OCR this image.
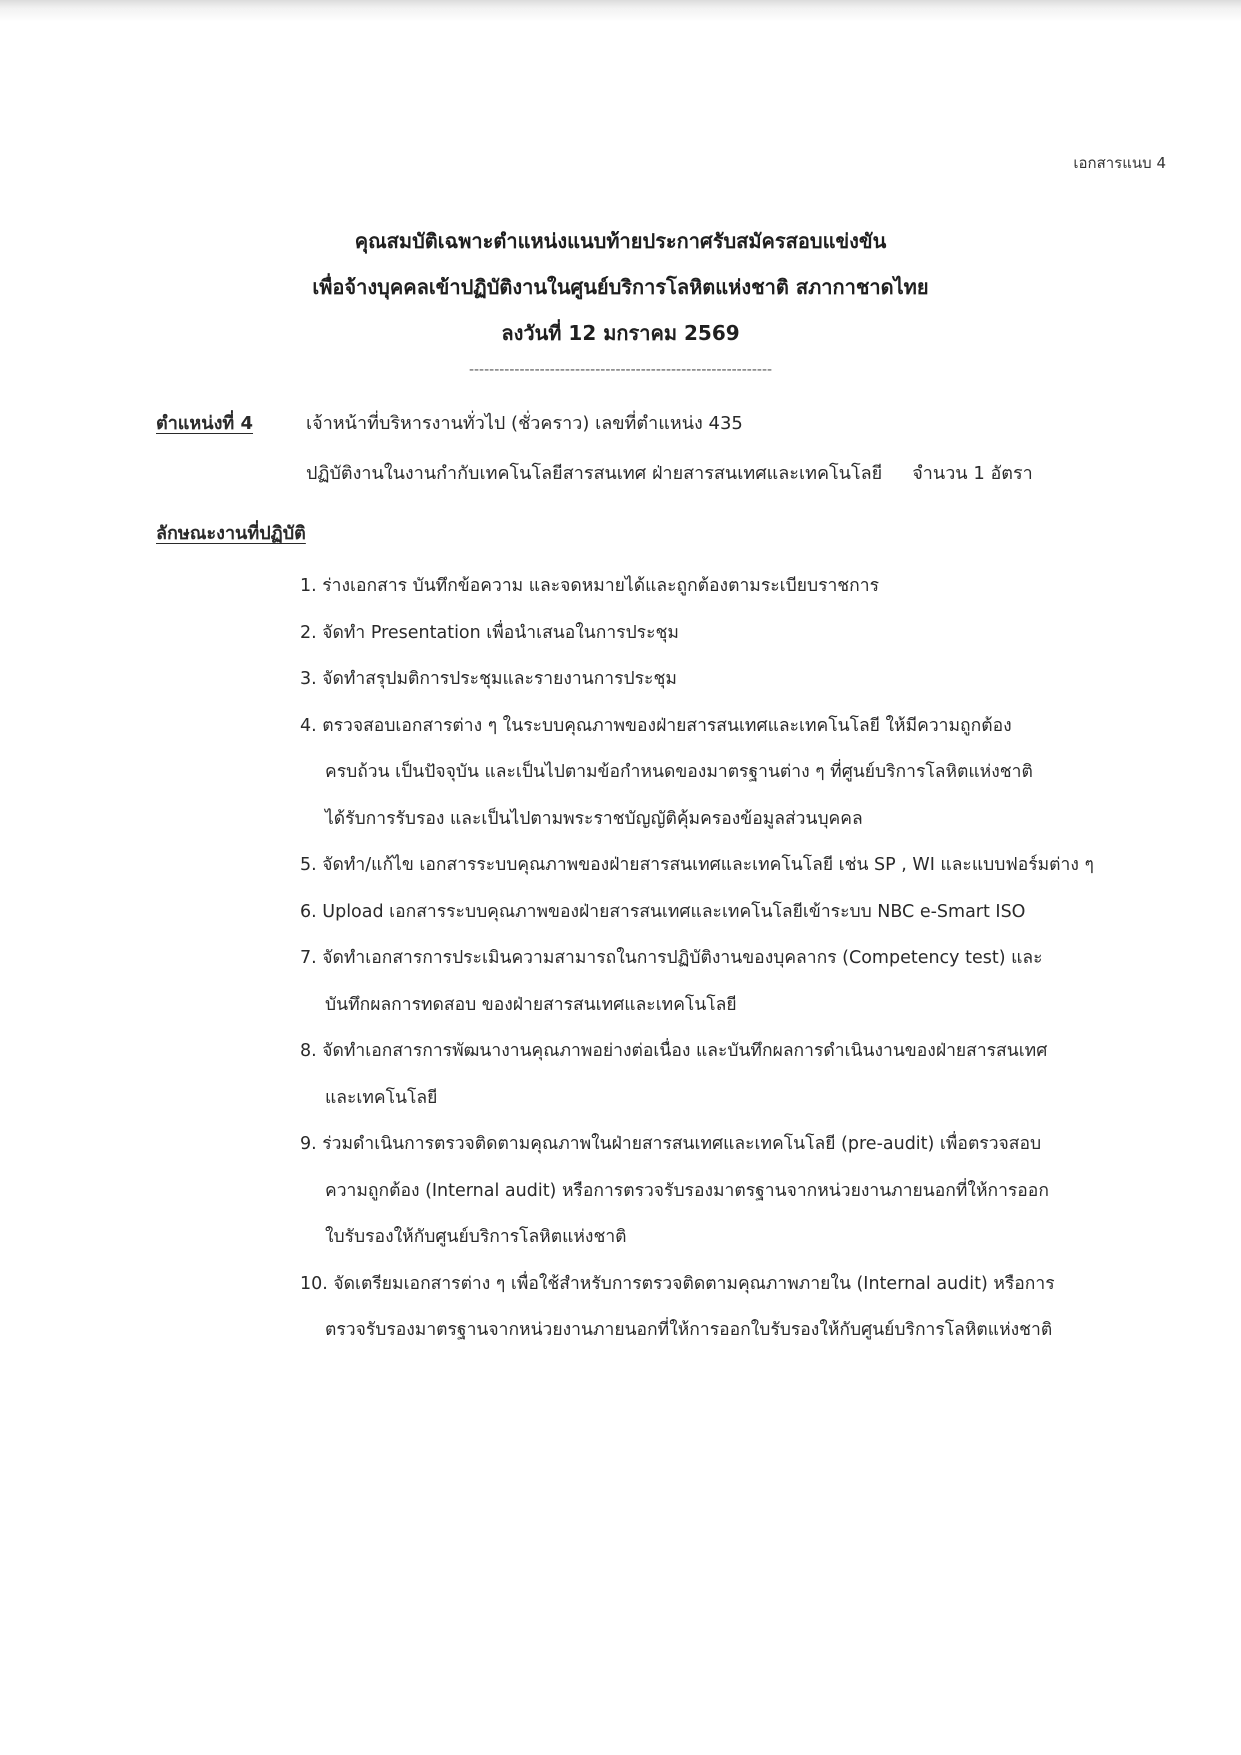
เอกสารแนบ 4
คุณสมบัติเฉพาะตำแหน่งแนบท้ายประกาศรับสมัครสอบแข่งขัน
เพื่อจ้างบุคคลเข้าปฏิบัติงานในศูนย์บริการโลหิตแห่งชาติ สภากาชาดไทย
ลงวันที่ 12 มกราคม 2569
------------------------------------------------------------
ตำแหน่งที่ 4	เจ้าหน้าที่บริหารงานทั่วไป (ชั่วคราว) เลขที่ตำแหน่ง 435
ปฏิบัติงานในงานกำกับเทคโนโลยีสารสนเทศ ฝ่ายสารสนเทศและเทคโนโลยี จำนวน 1 อัตรา
ลักษณะงานที่ปฏิบัติ
1. ร่างเอกสาร บันทึกข้อความ และจดหมายได้และถูกต้องตามระเบียบราชการ
2. จัดทำ Presentation เพื่อนำเสนอในการประชุม
3. จัดทำสรุปมติการประชุมและรายงานการประชุม
4. ตรวจสอบเอกสารต่าง ๆ ในระบบคุณภาพของฝ่ายสารสนเทศและเทคโนโลยี ให้มีความถูกต้อง
ครบถ้วน เป็นปัจจุบัน และเป็นไปตามข้อกำหนดของมาตรฐานต่าง ๆ ที่ศูนย์บริการโลหิตแห่งชาติ
ได้รับการรับรอง และเป็นไปตามพระราชบัญญัติคุ้มครองข้อมูลส่วนบุคคล
5. จัดทำ/แก้ไข เอกสารระบบคุณภาพของฝ่ายสารสนเทศและเทคโนโลยี เช่น SP , WI และแบบฟอร์มต่าง ๆ
6. Upload เอกสารระบบคุณภาพของฝ่ายสารสนเทศและเทคโนโลยีเข้าระบบ NBC e-Smart ISO
7. จัดทำเอกสารการประเมินความสามารถในการปฏิบัติงานของบุคลากร (Competency test) และ
บันทึกผลการทดสอบ ของฝ่ายสารสนเทศและเทคโนโลยี
8. จัดทำเอกสารการพัฒนางานคุณภาพอย่างต่อเนื่อง และบันทึกผลการดำเนินงานของฝ่ายสารสนเทศ
และเทคโนโลยี
9. ร่วมดำเนินการตรวจติดตามคุณภาพในฝ่ายสารสนเทศและเทคโนโลยี (pre-audit) เพื่อตรวจสอบ
ความถูกต้อง (Internal audit) หรือการตรวจรับรองมาตรฐานจากหน่วยงานภายนอกที่ให้การออก
ใบรับรองให้กับศูนย์บริการโลหิตแห่งชาติ
10. จัดเตรียมเอกสารต่าง ๆ เพื่อใช้สำหรับการตรวจติดตามคุณภาพภายใน (Internal audit) หรือการ
ตรวจรับรองมาตรฐานจากหน่วยงานภายนอกที่ให้การออกใบรับรองให้กับศูนย์บริการโลหิตแห่งชาติ
